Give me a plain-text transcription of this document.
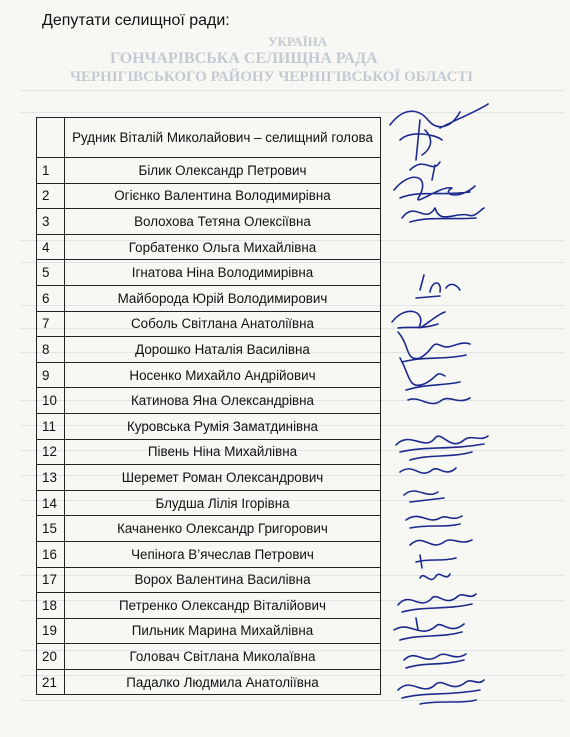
УКРАЇНА
ГОНЧАРІВСЬКА СЕЛИЩНА РАДА
ЧЕРНІГІВСЬКОГО РАЙОНУ ЧЕРНІГІВСЬКОЇ ОБЛАСТІ
Депутати селищної ради:
	Рудник Віталій Миколайович – селищний голова
1	Білик Олександр Петрович
2	Огієнко Валентина Володимирівна
3	Волохова Тетяна Олексіївна
4	Горбатенко Ольга Михайлівна
5	Ігнатова Ніна Володимирівна
6	Майборода Юрій Володимирович
7	Соболь Світлана Анатоліївна
8	Дорошко Наталія Василівна
9	Носенко Михайло Андрійович
10	Катинова Яна Олександрівна
11	Куровська Румія Заматдинівна
12	Півень Ніна Михайлівна
13	Шеремет Роман Олександрович
14	Блудша Лілія Ігорівна
15	Качаненко Олександр Григорович
16	Чепінога В’ячеслав Петрович
17	Ворох Валентина Василівна
18	Петренко Олександр Віталійович
19	Пильник Марина Михайлівна
20	Головач Світлана Миколаївна
21	Падалко Людмила Анатоліївна
